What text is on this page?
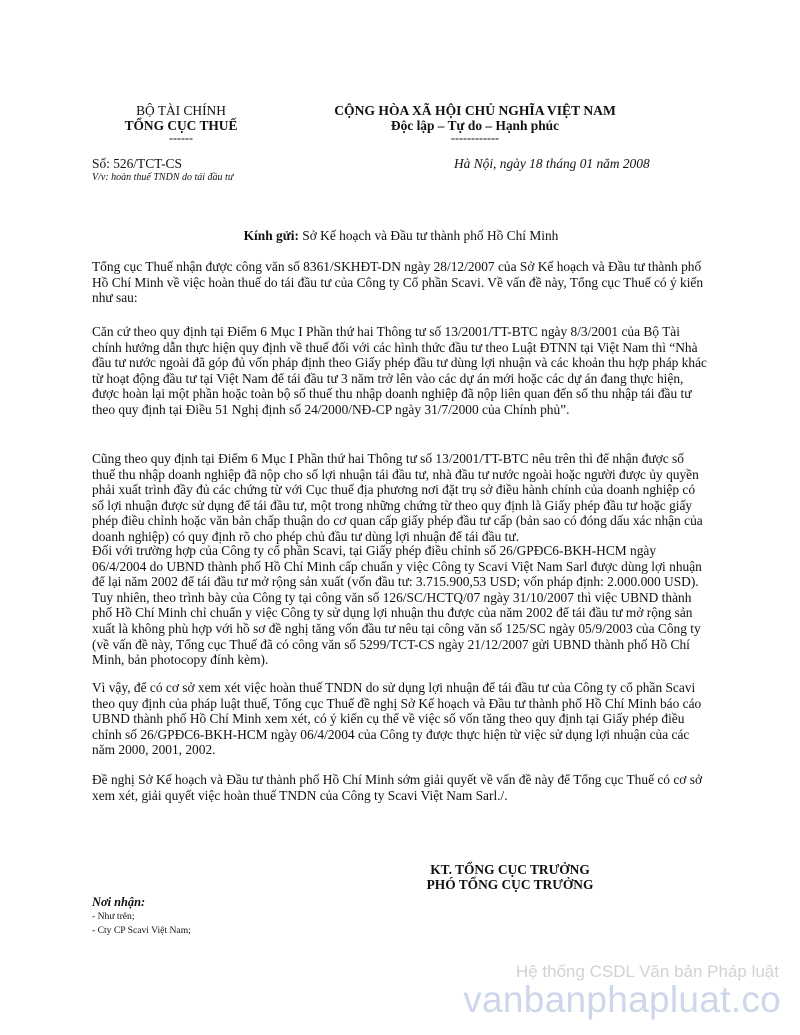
BỘ TÀI CHÍNH
TỔNG CỤC THUẾ
------
CỘNG HÒA XÃ HỘI CHỦ NGHĨA VIỆT NAM
Độc lập – Tự do – Hạnh phúc
------------
Số: 526/TCT-CS
V/v: hoàn thuế TNDN do tái đầu tư
Hà Nội, ngày 18 tháng 01 năm 2008
Kính gửi: Sở Kế hoạch và Đầu tư thành phố Hồ Chí Minh
Tổng cục Thuế nhận được công văn số 8361/SKHĐT-DN ngày 28/12/2007 của Sở Kế hoạch và Đầu tư thành phố Hồ Chí Minh về việc hoàn thuế do tái đầu tư của Công ty Cổ phần Scavi. Về vấn đề này, Tổng cục Thuế có ý kiến như sau:
Căn cứ theo quy định tại Điểm 6 Mục I Phần thứ hai Thông tư số 13/2001/TT-BTC ngày 8/3/2001 của Bộ Tài chính hướng dẫn thực hiện quy định về thuế đối với các hình thức đầu tư theo Luật ĐTNN tại Việt Nam thì “Nhà đầu tư nước ngoài đã góp đủ vốn pháp định theo Giấy phép đầu tư dùng lợi nhuận và các khoản thu hợp pháp khác từ hoạt động đầu tư tại Việt Nam để tái đầu tư 3 năm trở lên vào các dự án mới hoặc các dự án đang thực hiện, được hoàn lại một phần hoặc toàn bộ số thuế thu nhập doanh nghiệp đã nộp liên quan đến số thu nhập tái đầu tư theo quy định tại Điều 51 Nghị định số 24/2000/NĐ-CP ngày 31/7/2000 của Chính phủ”.
Cũng theo quy định tại Điểm 6 Mục I Phần thứ hai Thông tư số 13/2001/TT-BTC nêu trên thì để nhận được số thuế thu nhập doanh nghiệp đã nộp cho số lợi nhuận tái đầu tư, nhà đầu tư nước ngoài hoặc người được ủy quyền phải xuất trình đầy đủ các chứng từ với Cục thuế địa phương nơi đặt trụ sở điều hành chính của doanh nghiệp có số lợi nhuận được sử dụng để tái đầu tư, một trong những chứng từ theo quy định là Giấy phép đầu tư hoặc giấy phép điều chỉnh hoặc văn bản chấp thuận do cơ quan cấp giấy phép đầu tư cấp (bản sao có đóng dấu xác nhận của doanh nghiệp) có quy định rõ cho phép chủ đầu tư dùng lợi nhuận để tái đầu tư.
Đối với trường hợp của Công ty cổ phần Scavi, tại Giấy phép điều chỉnh số 26/GPĐC6-BKH-HCM ngày 06/4/2004 do UBND thành phố Hồ Chí Minh cấp chuẩn y việc Công ty Scavi Việt Nam Sarl được dùng lợi nhuận để lại năm 2002 để tái đầu tư mở rộng sản xuất (vốn đầu tư: 3.715.900,53 USD; vốn pháp định: 2.000.000 USD). Tuy nhiên, theo trình bày của Công ty tại công văn số 126/SC/HCTQ/07 ngày 31/10/2007 thì việc UBND thành phố Hồ Chí Minh chỉ chuẩn y việc Công ty sử dụng lợi nhuận thu được của năm 2002 để tái đầu tư mở rộng sản xuất là không phù hợp với hồ sơ đề nghị tăng vốn đầu tư nêu tại công văn số 125/SC ngày 05/9/2003 của Công ty (về vấn đề này, Tổng cục Thuế đã có công văn số 5299/TCT-CS ngày 21/12/2007 gửi UBND thành phố Hồ Chí Minh, bản photocopy đính kèm).
Vì vậy, để có cơ sở xem xét việc hoàn thuế TNDN do sử dụng lợi nhuận để tái đầu tư của Công ty cổ phần Scavi theo quy định của pháp luật thuế, Tổng cục Thuế đề nghị Sở Kế hoạch và Đầu tư thành phố Hồ Chí Minh báo cáo UBND thành phố Hồ Chí Minh xem xét, có ý kiến cụ thể về việc số vốn tăng theo quy định tại Giấy phép điều chỉnh số 26/GPĐC6-BKH-HCM ngày 06/4/2004 của Công ty được thực hiện từ việc sử dụng lợi nhuận của các năm 2000, 2001, 2002.
Đề nghị Sở Kế hoạch và Đầu tư thành phố Hồ Chí Minh sớm giải quyết về vấn đề này để Tổng cục Thuế có cơ sở xem xét, giải quyết việc hoàn thuế TNDN của Công ty Scavi Việt Nam Sarl./.
KT. TỔNG CỤC TRƯỞNG
PHÓ TỔNG CỤC TRƯỞNG
Nơi nhận:
- Như trên;
- Cty CP Scavi Việt Nam;
Hệ thống CSDL Văn bản Pháp luật
vanbanphapluat.co
